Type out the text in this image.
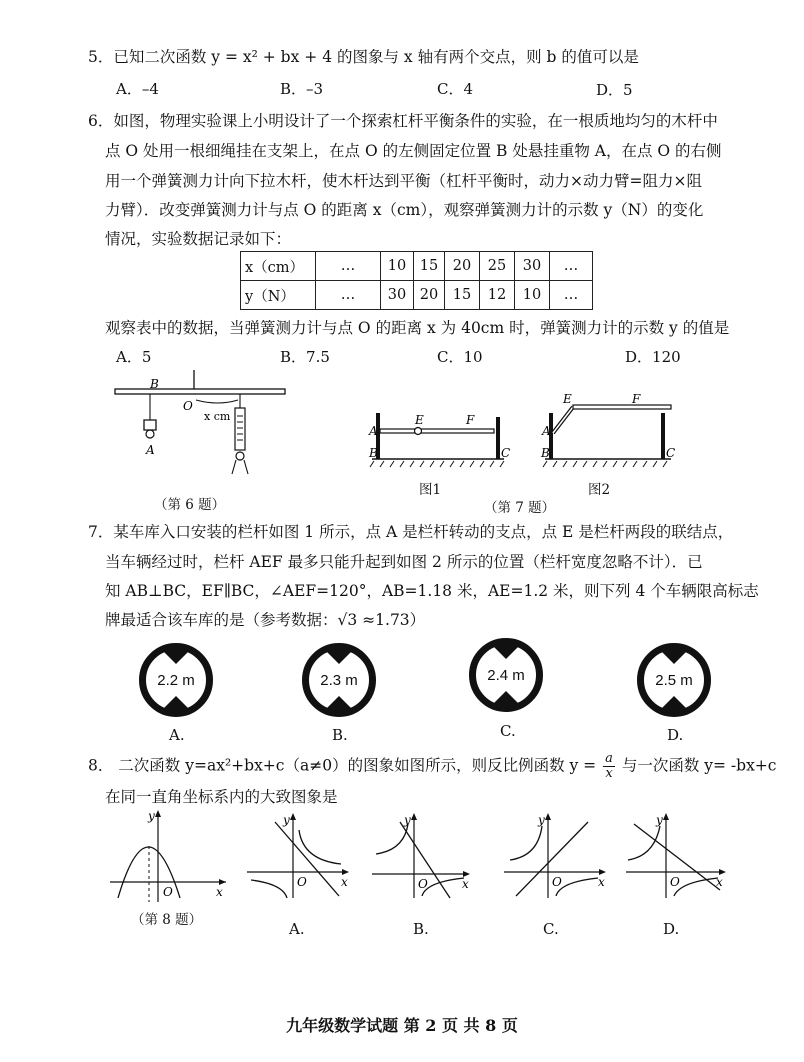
5．已知二次函数 y = x² + bx + 4 的图象与 x 轴有两个交点，则 b 的值可以是
A．–4	B．–3	C．4	D．5
6．如图，物理实验课上小明设计了一个探索杠杆平衡条件的实验，在一根质地均匀的木杆中
点 O 处用一根细绳挂在支架上，在点 O 的左侧固定位置 B 处悬挂重物 A，在点 O 的右侧
用一个弹簧测力计向下拉木杆，使木杆达到平衡（杠杆平衡时，动力×动力臂=阻力×阻
力臂）．改变弹簧测力计与点 O 的距离 x（cm），观察弹簧测力计的示数 y（N）的变化
情况，实验数据记录如下：
x（cm）	…	10	15	20	25	30	…
y（N）	…	30	20	15	12	10	…
观察表中的数据，当弹簧测力计与点 O 的距离 x 为 40cm 时，弹簧测力计的示数 y 的值是
A．5	B．7.5	C．10	D．120
B
O
x cm
A
（第 6 题）
A
B	C
E	F
图1
A
B	C
E	F
图2
（第 7 题）
7．某车库入口安装的栏杆如图 1 所示，点 A 是栏杆转动的支点，点 E 是栏杆两段的联结点，
当车辆经过时，栏杆 AEF 最多只能升起到如图 2 所示的位置（栏杆宽度忽略不计）．已
知 AB⊥BC，EF∥BC，∠AEF=120°，AB=1.18 米，AE=1.2 米，则下列 4 个车辆限高标志
牌最适合该车库的是（参考数据：√3 ≈1.73）
2.2 m
A.
2.3 m
B.
2.4 m
C.
2.5 m
D.
8． 二次函数 y=ax²+bx+c（a≠0）的图象如图所示，则反比例函数 $y = \frac{a}{x}$ 与一次函数 y= -bx+c
在同一直角坐标系内的大致图象是
x
y
O
（第 8 题）
x
y
O
A.
x
y
O
B.
x
y
O
C.
x
y
O
D.
九年级数学试题 第 2 页 共 8 页
